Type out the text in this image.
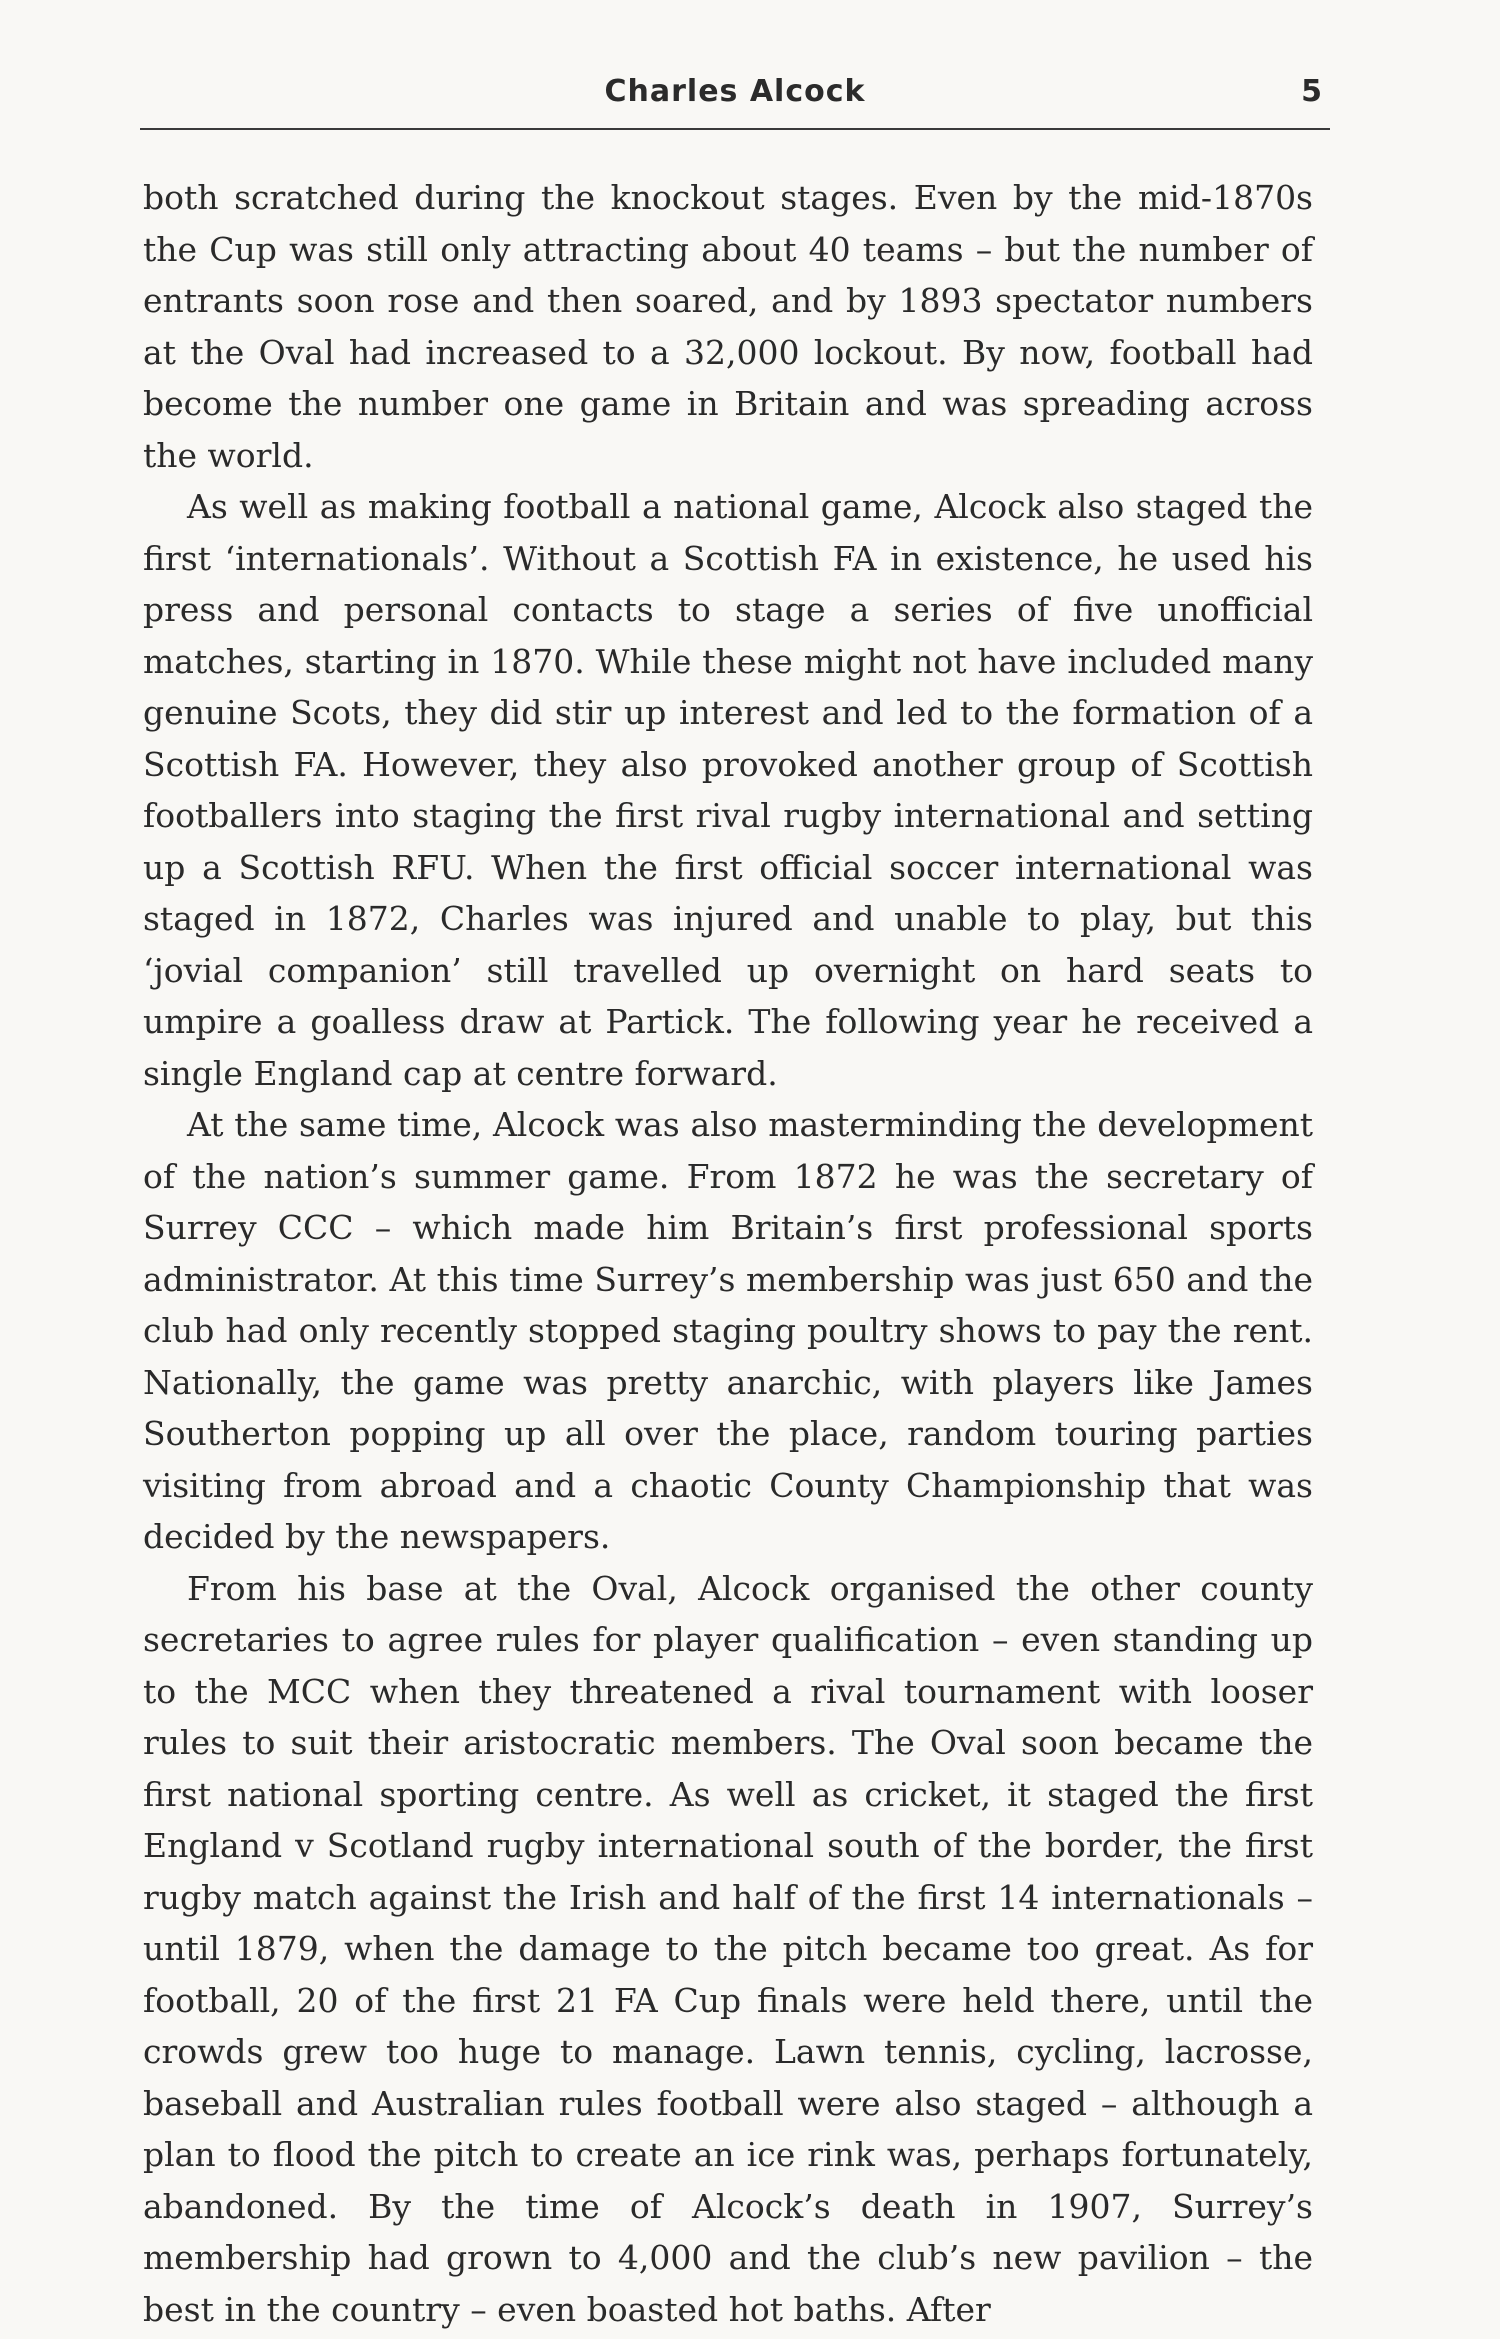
Charles Alcock	5

both scratched during the knockout stages. Even by the mid-1870s the Cup was still only attracting about 40 teams – but the number of entrants soon rose and then soared, and by 1893 spectator numbers at the Oval had increased to a 32,000 lockout. By now, football had become the number one game in Britain and was spreading across the world.

As well as making football a national game, Alcock also staged the first ‘internationals’. Without a Scottish FA in existence, he used his press and personal contacts to stage a series of five unofficial matches, starting in 1870. While these might not have included many genuine Scots, they did stir up interest and led to the formation of a Scottish FA. However, they also provoked another group of Scottish footballers into staging the first rival rugby international and setting up a Scottish RFU. When the first official soccer international was staged in 1872, Charles was injured and unable to play, but this ‘jovial companion’ still travelled up overnight on hard seats to umpire a goalless draw at Partick. The following year he received a single England cap at centre forward.

At the same time, Alcock was also masterminding the development of the nation’s summer game. From 1872 he was the secretary of Surrey CCC – which made him Britain’s first professional sports administrator. At this time Surrey’s membership was just 650 and the club had only recently stopped staging poultry shows to pay the rent. Nationally, the game was pretty anarchic, with players like James Southerton popping up all over the place, random touring parties visiting from abroad and a chaotic County Championship that was decided by the newspapers.

From his base at the Oval, Alcock organised the other county secretaries to agree rules for player qualification – even standing up to the MCC when they threatened a rival tournament with looser rules to suit their aristocratic members. The Oval soon became the first national sporting centre. As well as cricket, it staged the first England v Scotland rugby international south of the border, the first rugby match against the Irish and half of the first 14 internationals – until 1879, when the damage to the pitch became too great. As for football, 20 of the first 21 FA Cup finals were held there, until the crowds grew too huge to manage. Lawn tennis, cycling, lacrosse, baseball and Australian rules football were also staged – although a plan to flood the pitch to create an ice rink was, perhaps fortunately, abandoned. By the time of Alcock’s death in 1907, Surrey’s membership had grown to 4,000 and the club’s new pavilion – the best in the country – even boasted hot baths. After
